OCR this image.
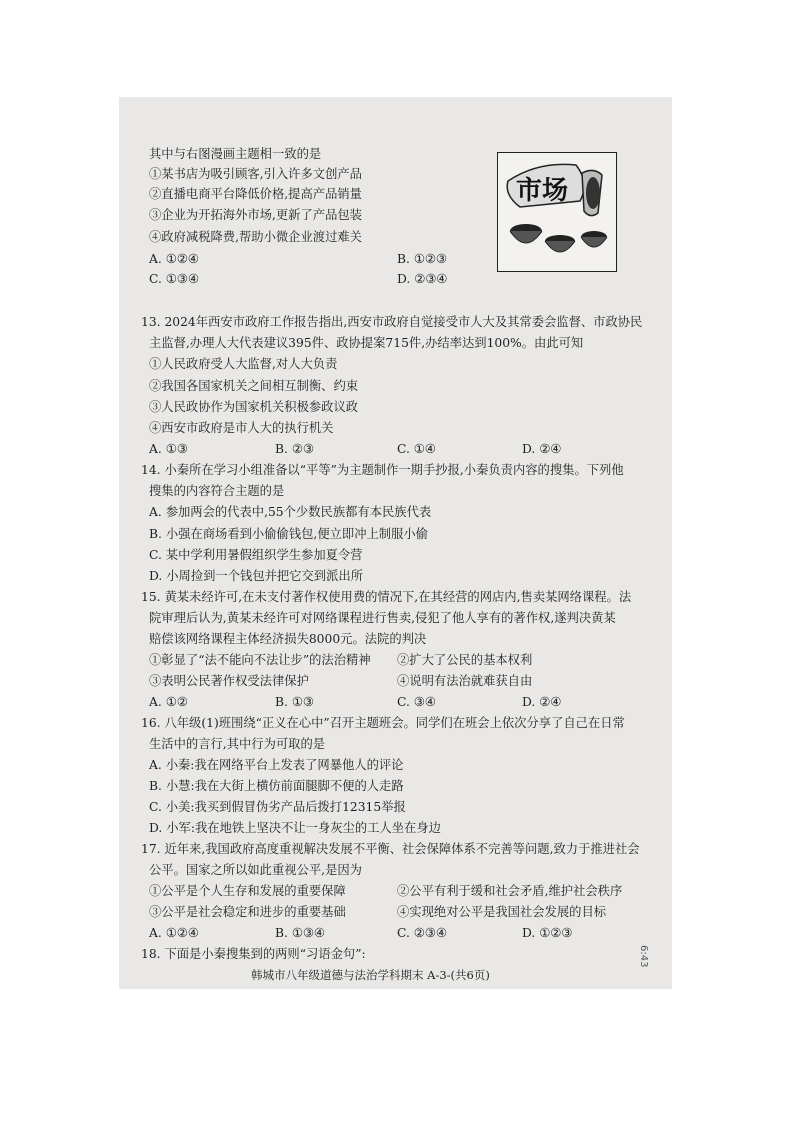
其中与右图漫画主题相一致的是
①某书店为吸引顾客,引入许多文创产品
②直播电商平台降低价格,提高产品销量
③企业为开拓海外市场,更新了产品包装
④政府减税降费,帮助小微企业渡过难关
A. ①②④	B. ①②③
C. ①③④	D. ②③④
市场
13. 2024年西安市政府工作报告指出,西安市政府自觉接受市人大及其常委会监督、市政协民
主监督,办理人大代表建议395件、政协提案715件,办结率达到100%。由此可知
①人民政府受人大监督,对人大负责
②我国各国家机关之间相互制衡、约束
③人民政协作为国家机关积极参政议政
④西安市政府是市人大的执行机关
A. ①③	B. ②③	C. ①④	D. ②④
14. 小秦所在学习小组准备以“平等”为主题制作一期手抄报,小秦负责内容的搜集。下列他
搜集的内容符合主题的是
A. 参加两会的代表中,55个少数民族都有本民族代表
B. 小强在商场看到小偷偷钱包,便立即冲上制服小偷
C. 某中学利用暑假组织学生参加夏令营
D. 小周捡到一个钱包并把它交到派出所
15. 黄某未经许可,在未支付著作权使用费的情况下,在其经营的网店内,售卖某网络课程。法
院审理后认为,黄某未经许可对网络课程进行售卖,侵犯了他人享有的著作权,遂判决黄某
赔偿该网络课程主体经济损失8000元。法院的判决
①彰显了“法不能向不法让步”的法治精神 ②扩大了公民的基本权利
③表明公民著作权受法律保护	④说明有法治就难获自由
A. ①②	B. ①③	C. ③④	D. ②④
16. 八年级(1)班围绕“正义在心中”召开主题班会。同学们在班会上依次分享了自己在日常
生活中的言行,其中行为可取的是
A. 小秦:我在网络平台上发表了网暴他人的评论
B. 小慧:我在大街上横仿前面腿脚不便的人走路
C. 小美:我买到假冒伪劣产品后拨打12315举报
D. 小军:我在地铁上坚决不让一身灰尘的工人坐在身边
17. 近年来,我国政府高度重视解决发展不平衡、社会保障体系不完善等问题,致力于推进社会
公平。国家之所以如此重视公平,是因为
①公平是个人生存和发展的重要保障	②公平有利于缓和社会矛盾,维护社会秩序
③公平是社会稳定和进步的重要基础	④实现绝对公平是我国社会发展的目标
A. ①②④	B. ①③④	C. ②③④	D. ①②③
18. 下面是小秦搜集到的两则“习语金句”:
韩城市八年级道德与法治学科期末 A-3-(共6页)
6:43
